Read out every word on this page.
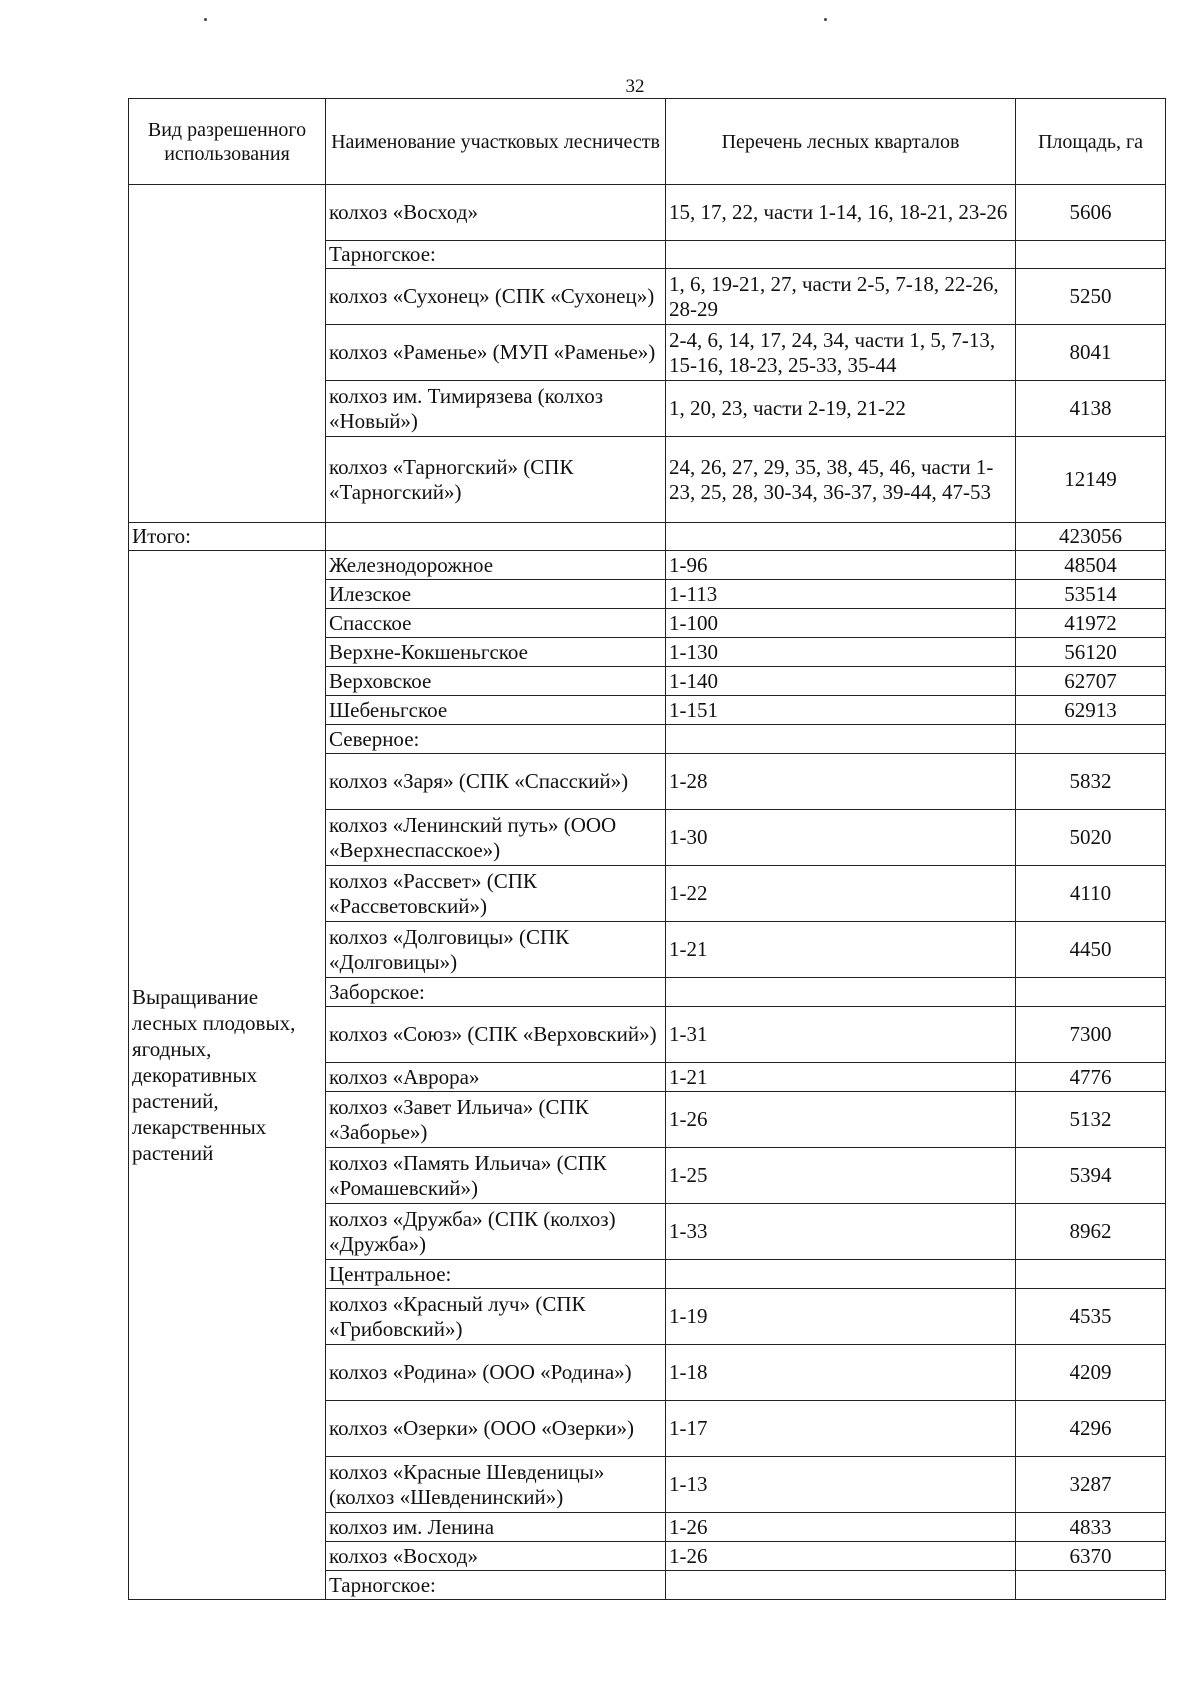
32
Вид разрешенного использования	Наименование участковых лесничеств	Перечень лесных кварталов	Площадь, га
	колхоз «Восход»	15, 17, 22, части 1-14, 16, 18-21, 23-26	5606
	Тарногское:		
	колхоз «Сухонец» (СПК «Сухонец»)	1, 6, 19-21, 27, части 2-5, 7-18, 22-26, 28-29	5250
	колхоз «Раменье» (МУП «Раменье»)	2-4, 6, 14, 17, 24, 34, части 1, 5, 7-13, 15-16, 18-23, 25-33, 35-44	8041
	колхоз им. Тимирязева (колхоз «Новый»)	1, 20, 23, части 2-19, 21-22	4138
	колхоз «Тарногский» (СПК «Тарногский»)	24, 26, 27, 29, 35, 38, 45, 46, части 1-23, 25, 28, 30-34, 36-37, 39-44, 47-53	12149
Итого:			423056
Выращивание лесных плодовых, ягодных, декоративных растений, лекарственных растений	Железнодорожное	1-96	48504
	Илезское	1-113	53514
	Спасское	1-100	41972
	Верхне-Кокшеньгское	1-130	56120
	Верховское	1-140	62707
	Шебеньгское	1-151	62913
	Северное:		
	колхоз «Заря» (СПК «Спасский»)	1-28	5832
	колхоз «Ленинский путь» (ООО «Верхнеспасское»)	1-30	5020
	колхоз «Рассвет» (СПК «Рассветовский»)	1-22	4110
	колхоз «Долговицы» (СПК «Долговицы»)	1-21	4450
	Заборское:		
	колхоз «Союз» (СПК «Верховский»)	1-31	7300
	колхоз «Аврора»	1-21	4776
	колхоз «Завет Ильича» (СПК «Заборье»)	1-26	5132
	колхоз «Память Ильича» (СПК «Ромашевский»)	1-25	5394
	колхоз «Дружба» (СПК (колхоз) «Дружба»)	1-33	8962
	Центральное:		
	колхоз «Красный луч» (СПК «Грибовский»)	1-19	4535
	колхоз «Родина» (ООО «Родина»)	1-18	4209
	колхоз «Озерки» (ООО «Озерки»)	1-17	4296
	колхоз «Красные Шевденицы» (колхоз «Шевденинский»)	1-13	3287
	колхоз им. Ленина	1-26	4833
	колхоз «Восход»	1-26	6370
	Тарногское:		
